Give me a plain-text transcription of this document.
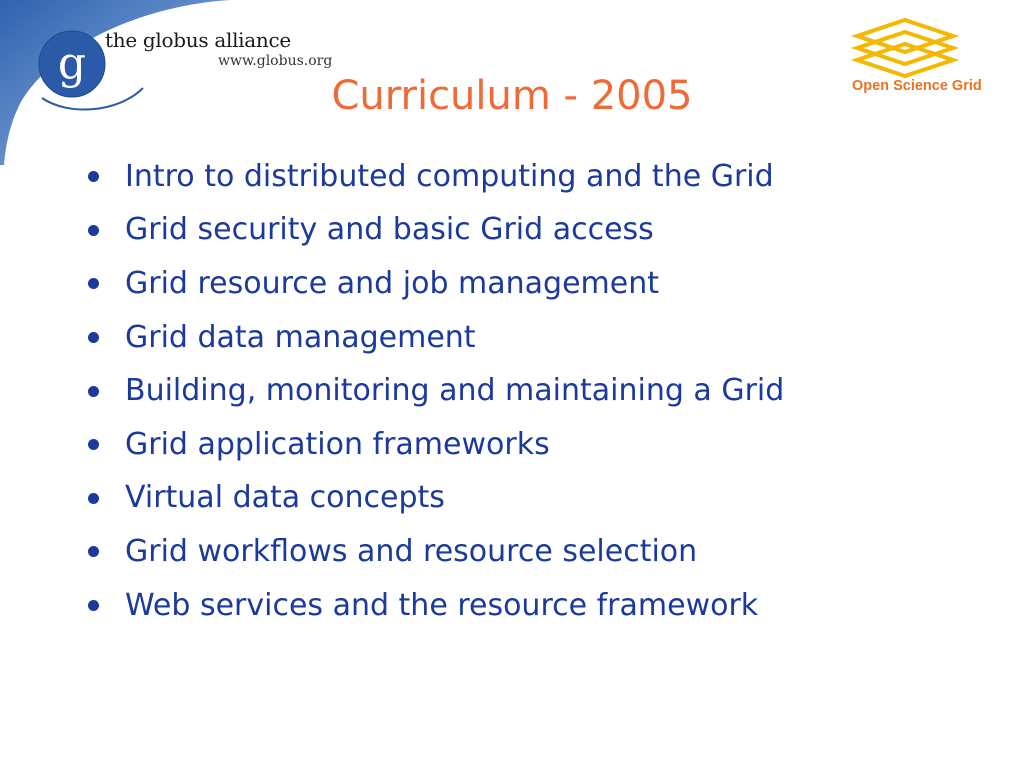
g the globus alliance
www.globus.org
Open Science Grid
Curriculum - 2005
Intro to distributed computing and the Grid
Grid security and basic Grid access
Grid resource and job management
Grid data management
Building, monitoring and maintaining a Grid
Grid application frameworks
Virtual data concepts
Grid workflows and resource selection
Web services and the resource framework
